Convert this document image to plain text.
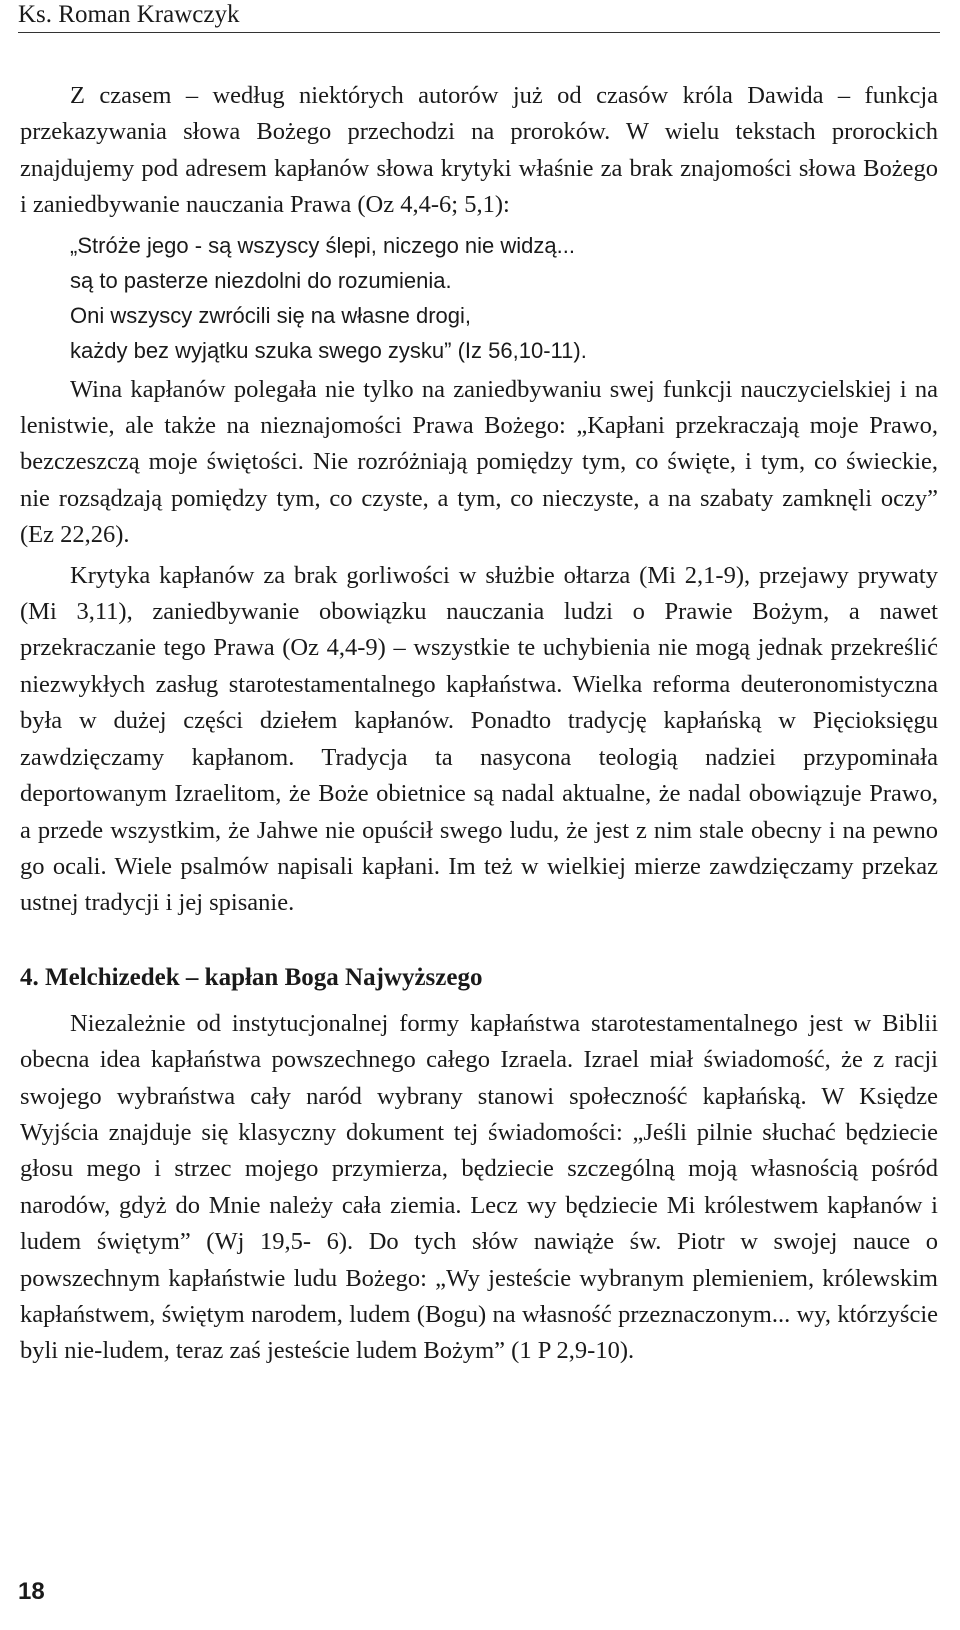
Ks. Roman Krawczyk

Z czasem – według niektórych autorów już od czasów króla Dawida – funkcja przekazywania słowa Bożego przechodzi na proroków. W wielu tekstach prorockich znajdujemy pod adresem kapłanów słowa krytyki właśnie za brak znajomości słowa Bożego i zaniedbywanie nauczania Prawa (Oz 4,4-6; 5,1):

„Stróże jego - są wszyscy ślepi, niczego nie widzą...
są to pasterze niezdolni do rozumienia.
Oni wszyscy zwrócili się na własne drogi,
każdy bez wyjątku szuka swego zysku” (Iz 56,10-11).

Wina kapłanów polegała nie tylko na zaniedbywaniu swej funkcji nauczycielskiej i na lenistwie, ale także na nieznajomości Prawa Bożego: „Kapłani przekraczają moje Prawo, bezczeszczą moje świętości. Nie rozróżniają pomiędzy tym, co święte, i tym, co świeckie, nie rozsądzają pomiędzy tym, co czyste, a tym, co nieczyste, a na szabaty zamknęli oczy” (Ez 22,26).

Krytyka kapłanów za brak gorliwości w służbie ołtarza (Mi 2,1-9), przejawy prywaty (Mi 3,11), zaniedbywanie obowiązku nauczania ludzi o Prawie Bożym, a nawet przekraczanie tego Prawa (Oz 4,4-9) – wszystkie te uchybienia nie mogą jednak przekreślić niezwykłych zasług starotestamentalnego kapłaństwa. Wielka reforma deuteronomistyczna była w dużej części dziełem kapłanów. Ponadto tradycję kapłańską w Pięcioksięgu zawdzięczamy kapłanom. Tradycja ta nasycona teologią nadziei przypominała deportowanym Izraelitom, że Boże obietnice są nadal aktualne, że nadal obowiązuje Prawo, a przede wszystkim, że Jahwe nie opuścił swego ludu, że jest z nim stale obecny i na pewno go ocali. Wiele psalmów napisali kapłani. Im też w wielkiej mierze zawdzięczamy przekaz ustnej tradycji i jej spisanie.

4. Melchizedek – kapłan Boga Najwyższego

Niezależnie od instytucjonalnej formy kapłaństwa starotestamentalnego jest w Biblii obecna idea kapłaństwa powszechnego całego Izraela. Izrael miał świadomość, że z racji swojego wybraństwa cały naród wybrany stanowi społeczność kapłańską. W Księdze Wyjścia znajduje się klasyczny dokument tej świadomości: „Jeśli pilnie słuchać będziecie głosu mego i strzec mojego przymierza, będziecie szczególną moją własnością pośród narodów, gdyż do Mnie należy cała ziemia. Lecz wy będziecie Mi królestwem kapłanów i ludem świętym” (Wj 19,5- 6). Do tych słów nawiąże św. Piotr w swojej nauce o powszechnym kapłaństwie ludu Bożego: „Wy jesteście wybranym plemieniem, królewskim kapłaństwem, świętym narodem, ludem (Bogu) na własność przeznaczonym... wy, którzyście byli nie-ludem, teraz zaś jesteście ludem Bożym” (1 P 2,9-10).

18
